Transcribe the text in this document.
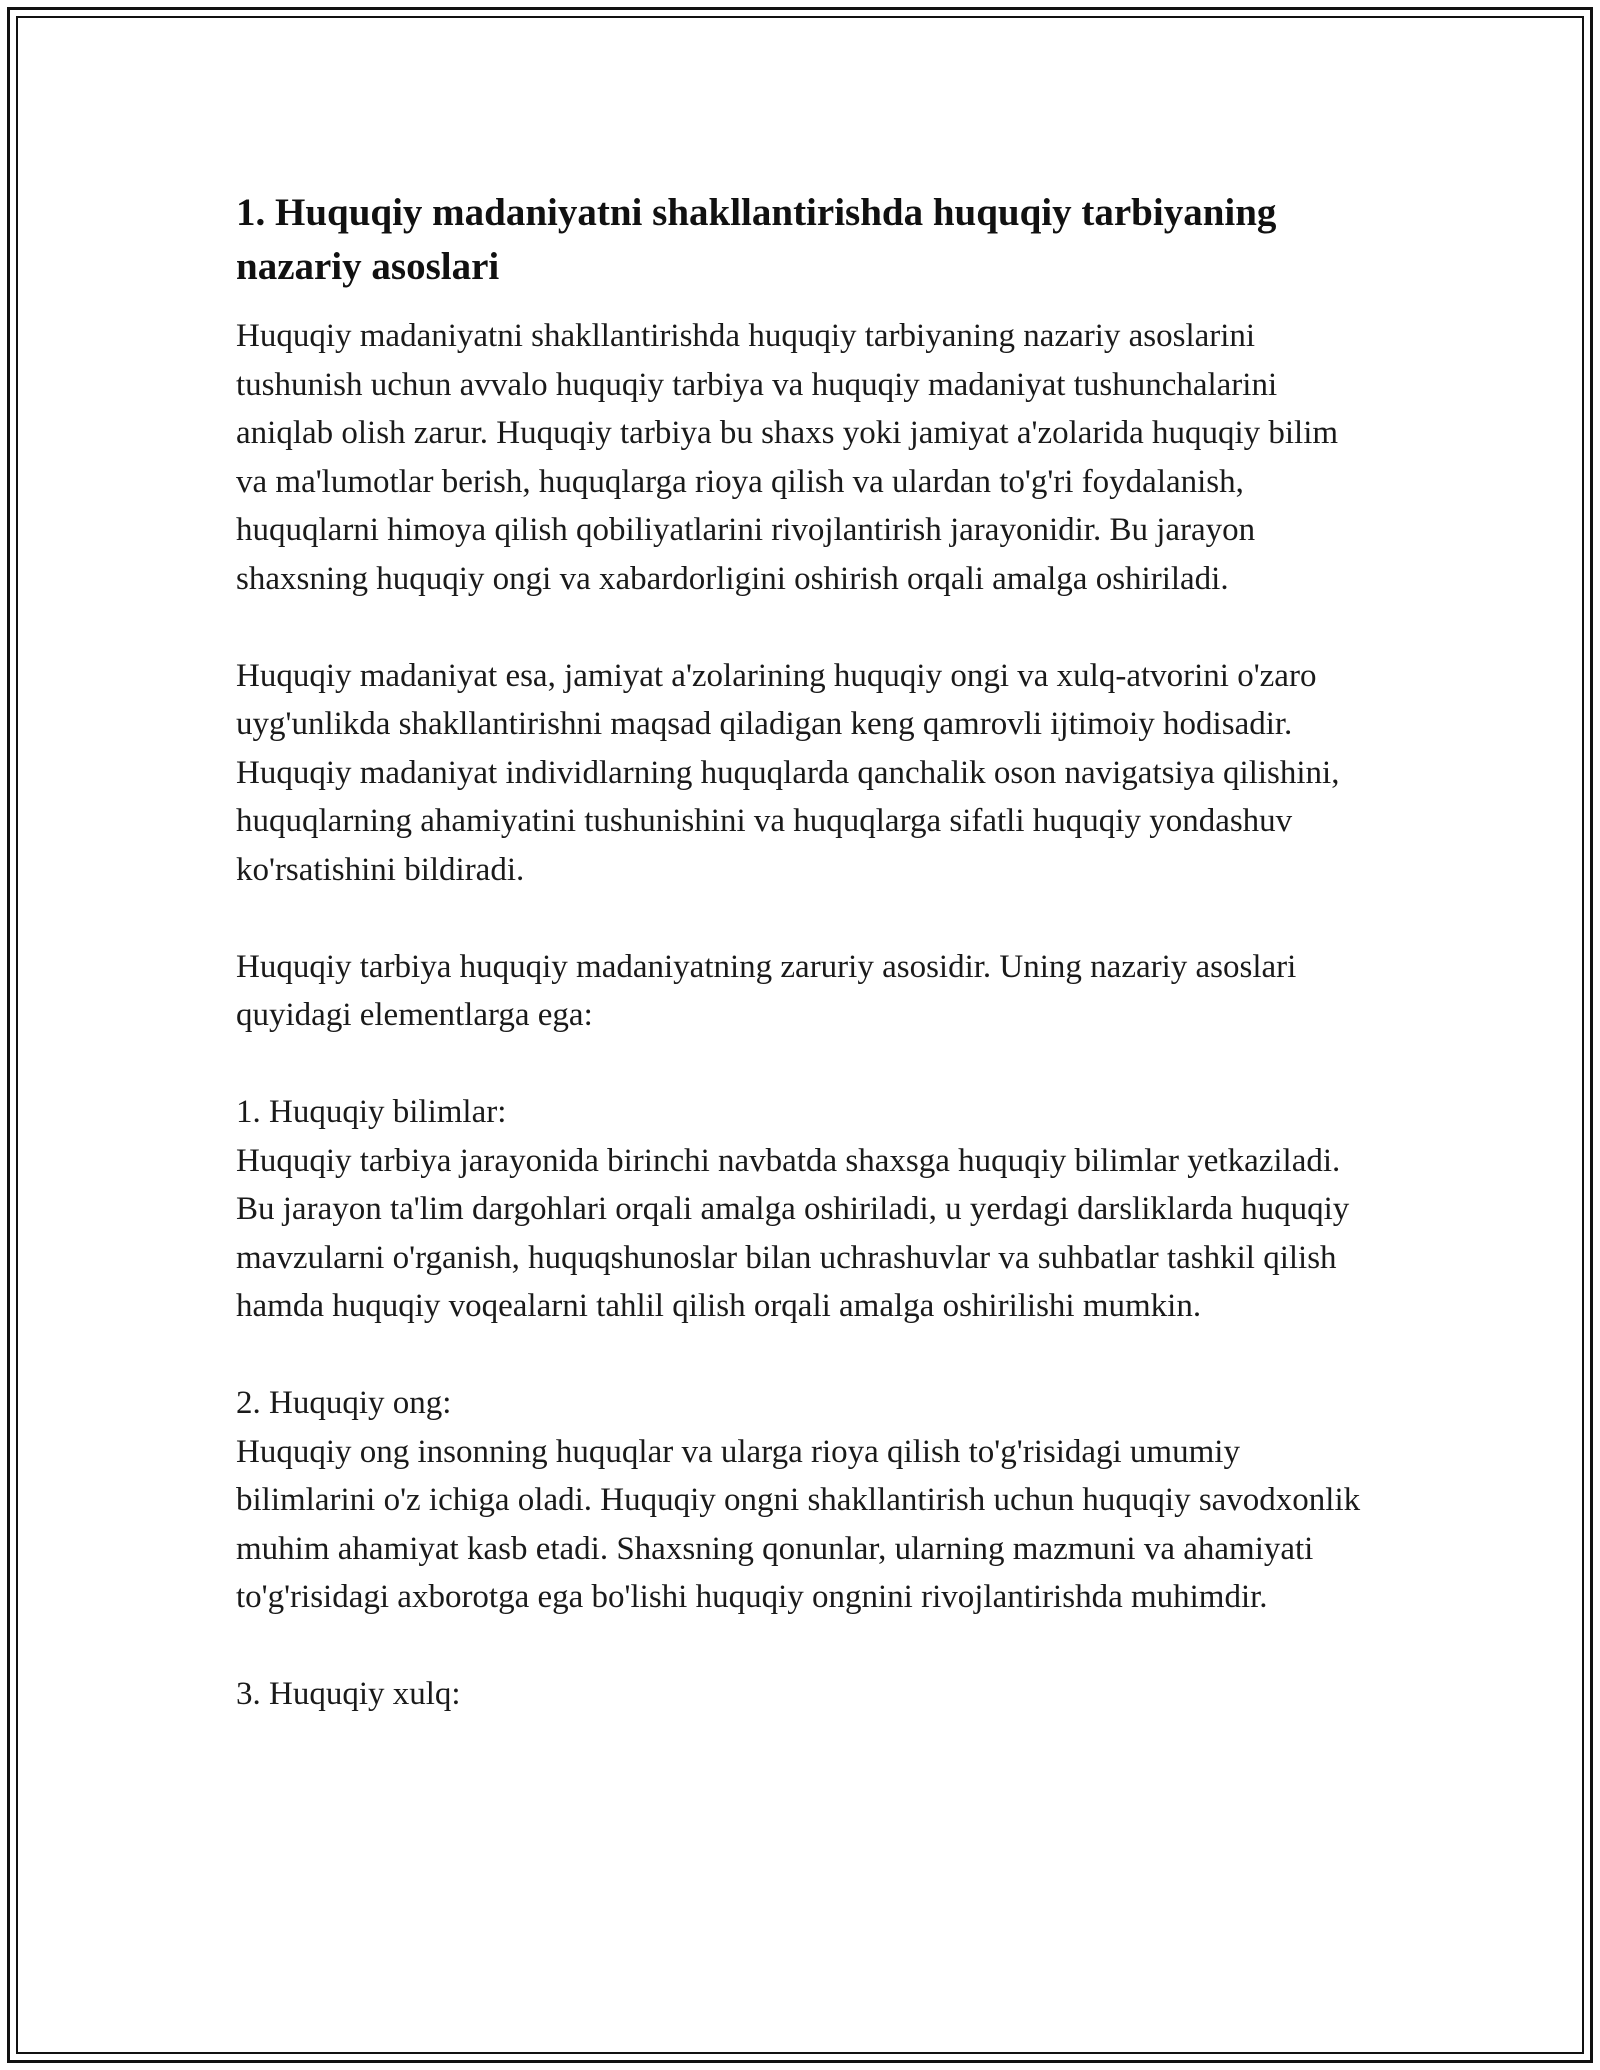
1. Huquqiy madaniyatni shakllantirishda huquqiy tarbiyaning nazariy asoslari

Huquqiy madaniyatni shakllantirishda huquqiy tarbiyaning nazariy asoslarini tushunish uchun avvalo huquqiy tarbiya va huquqiy madaniyat tushunchalarini aniqlab olish zarur. Huquqiy tarbiya bu shaxs yoki jamiyat a'zolarida huquqiy bilim va ma'lumotlar berish, huquqlarga rioya qilish va ulardan to'g'ri foydalanish, huquqlarni himoya qilish qobiliyatlarini rivojlantirish jarayonidir. Bu jarayon shaxsning huquqiy ongi va xabardorligini oshirish orqali amalga oshiriladi.

Huquqiy madaniyat esa, jamiyat a'zolarining huquqiy ongi va xulq-atvorini o'zaro uyg'unlikda shakllantirishni maqsad qiladigan keng qamrovli ijtimoiy hodisadir. Huquqiy madaniyat individlarning huquqlarda qanchalik oson navigatsiya qilishini, huquqlarning ahamiyatini tushunishini va huquqlarga sifatli huquqiy yondashuv ko'rsatishini bildiradi.

Huquqiy tarbiya huquqiy madaniyatning zaruriy asosidir. Uning nazariy asoslari quyidagi elementlarga ega:

1. Huquqiy bilimlar:
Huquqiy tarbiya jarayonida birinchi navbatda shaxsga huquqiy bilimlar yetkaziladi. Bu jarayon ta'lim dargohlari orqali amalga oshiriladi, u yerdagi darsliklarda huquqiy mavzularni o'rganish, huquqshunoslar bilan uchrashuvlar va suhbatlar tashkil qilish hamda huquqiy voqealarni tahlil qilish orqali amalga oshirilishi mumkin.

2. Huquqiy ong:
Huquqiy ong insonning huquqlar va ularga rioya qilish to'g'risidagi umumiy bilimlarini o'z ichiga oladi. Huquqiy ongni shakllantirish uchun huquqiy savodxonlik muhim ahamiyat kasb etadi. Shaxsning qonunlar, ularning mazmuni va ahamiyati to'g'risidagi axborotga ega bo'lishi huquqiy ongnini rivojlantirishda muhimdir.

3. Huquqiy xulq:
